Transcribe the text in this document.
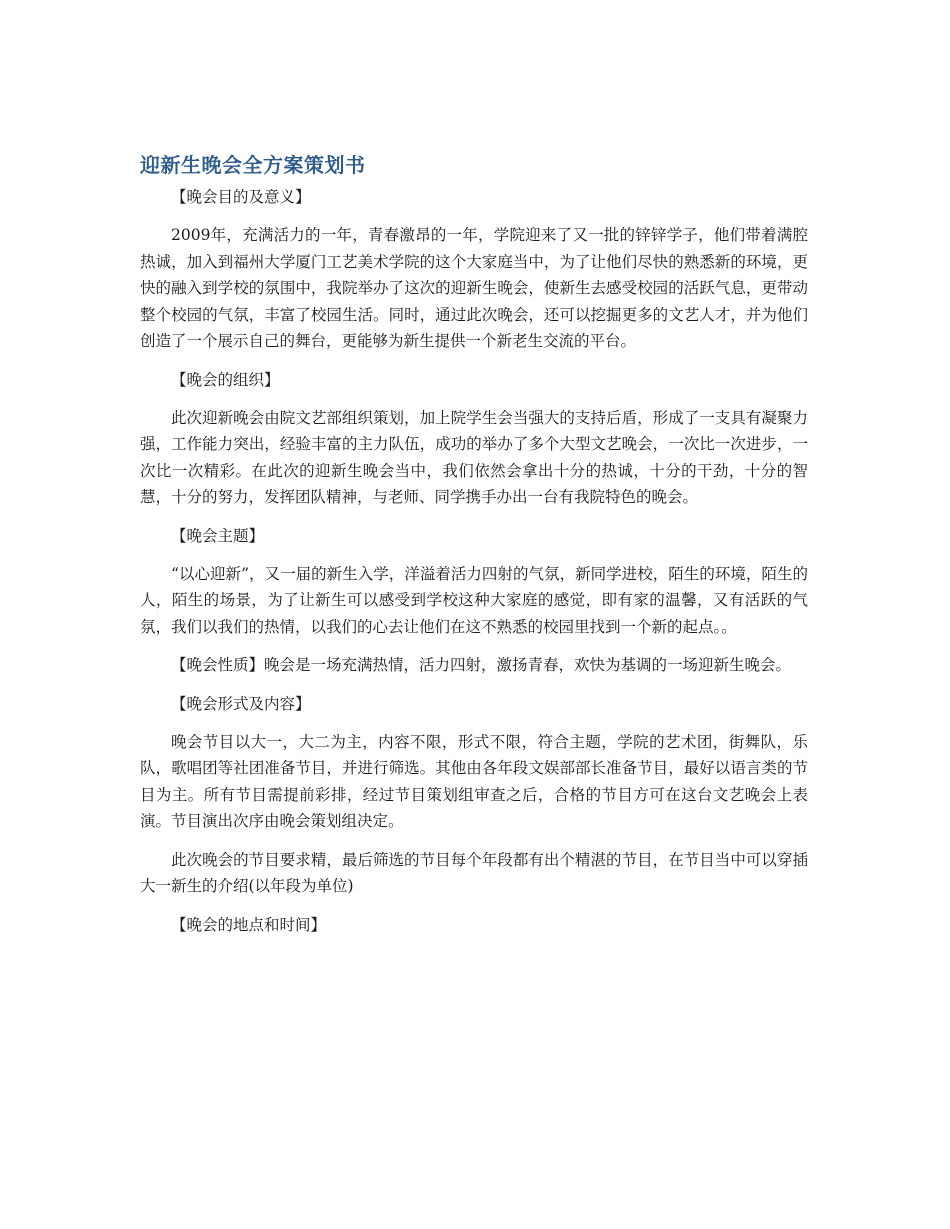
迎新生晚会全方案策划书
【晚会目的及意义】

2009年，充满活力的一年，青春激昂的一年，学院迎来了又一批的锌锌学子，他们带着满腔热诚，加入到福州大学厦门工艺美术学院的这个大家庭当中，为了让他们尽快的熟悉新的环境，更快的融入到学校的氛围中，我院举办了这次的迎新生晚会，使新生去感受校园的活跃气息，更带动整个校园的气氛，丰富了校园生活。同时，通过此次晚会，还可以挖掘更多的文艺人才，并为他们创造了一个展示自己的舞台，更能够为新生提供一个新老生交流的平台。

【晚会的组织】

此次迎新晚会由院文艺部组织策划，加上院学生会当强大的支持后盾，形成了一支具有凝聚力强，工作能力突出，经验丰富的主力队伍，成功的举办了多个大型文艺晚会，一次比一次进步，一次比一次精彩。在此次的迎新生晚会当中，我们依然会拿出十分的热诚，十分的干劲，十分的智慧，十分的努力，发挥团队精神，与老师、同学携手办出一台有我院特色的晚会。

【晚会主题】

“以心迎新”，又一届的新生入学，洋溢着活力四射的气氛，新同学进校，陌生的环境，陌生的人，陌生的场景，为了让新生可以感受到学校这种大家庭的感觉，即有家的温馨，又有活跃的气氛，我们以我们的热情，以我们的心去让他们在这不熟悉的校园里找到一个新的起点。。

【晚会性质】晚会是一场充满热情，活力四射，激扬青春，欢快为基调的一场迎新生晚会。

【晚会形式及内容】

晚会节目以大一，大二为主，内容不限，形式不限，符合主题，学院的艺术团，街舞队，乐队，歌唱团等社团准备节目，并进行筛选。其他由各年段文娱部部长准备节目，最好以语言类的节目为主。所有节目需提前彩排，经过节目策划组审查之后，合格的节目方可在这台文艺晚会上表演。节目演出次序由晚会策划组决定。

此次晚会的节目要求精，最后筛选的节目每个年段都有出个精湛的节目，在节目当中可以穿插大一新生的介绍(以年段为单位)

【晚会的地点和时间】
